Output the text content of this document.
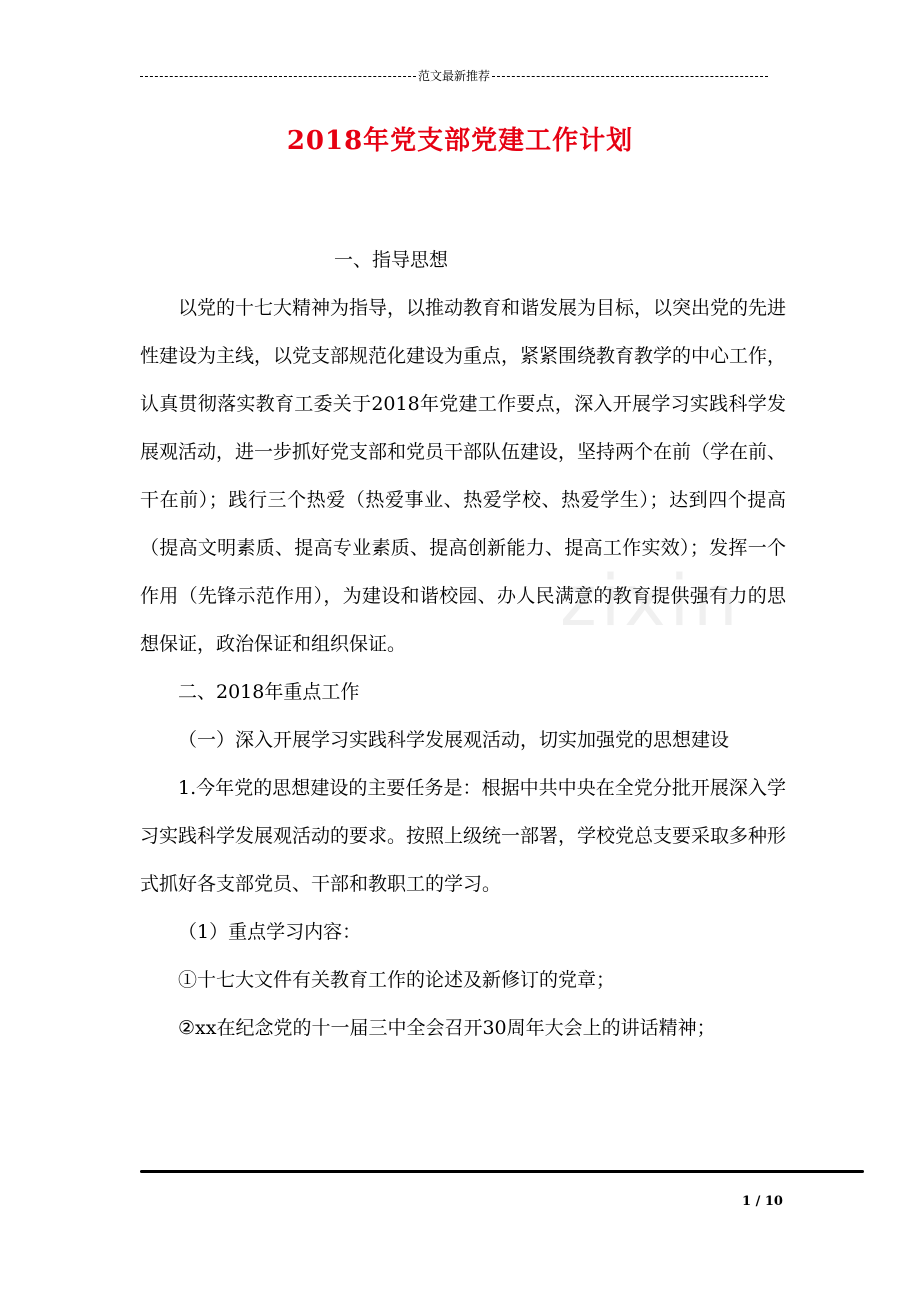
范文最新推荐
2018年党支部党建工作计划
zixin

一、指导思想

以党的十七大精神为指导，以推动教育和谐发展为目标，以突出党的先进性建设为主线，以党支部规范化建设为重点，紧紧围绕教育教学的中心工作，认真贯彻落实教育工委关于2018年党建工作要点，深入开展学习实践科学发展观活动，进一步抓好党支部和党员干部队伍建设，坚持两个在前（学在前、干在前）；践行三个热爱（热爱事业、热爱学校、热爱学生）；达到四个提高（提高文明素质、提高专业素质、提高创新能力、提高工作实效）；发挥一个作用（先锋示范作用），为建设和谐校园、办人民满意的教育提供强有力的思想保证，政治保证和组织保证。

二、2018年重点工作

（一）深入开展学习实践科学发展观活动，切实加强党的思想建设

1.今年党的思想建设的主要任务是：根据中共中央在全党分批开展深入学习实践科学发展观活动的要求。按照上级统一部署，学校党总支要采取多种形式抓好各支部党员、干部和教职工的学习。

（1）重点学习内容：

①十七大文件有关教育工作的论述及新修订的党章；

②xx在纪念党的十一届三中全会召开30周年大会上的讲话精神；

1 / 10
